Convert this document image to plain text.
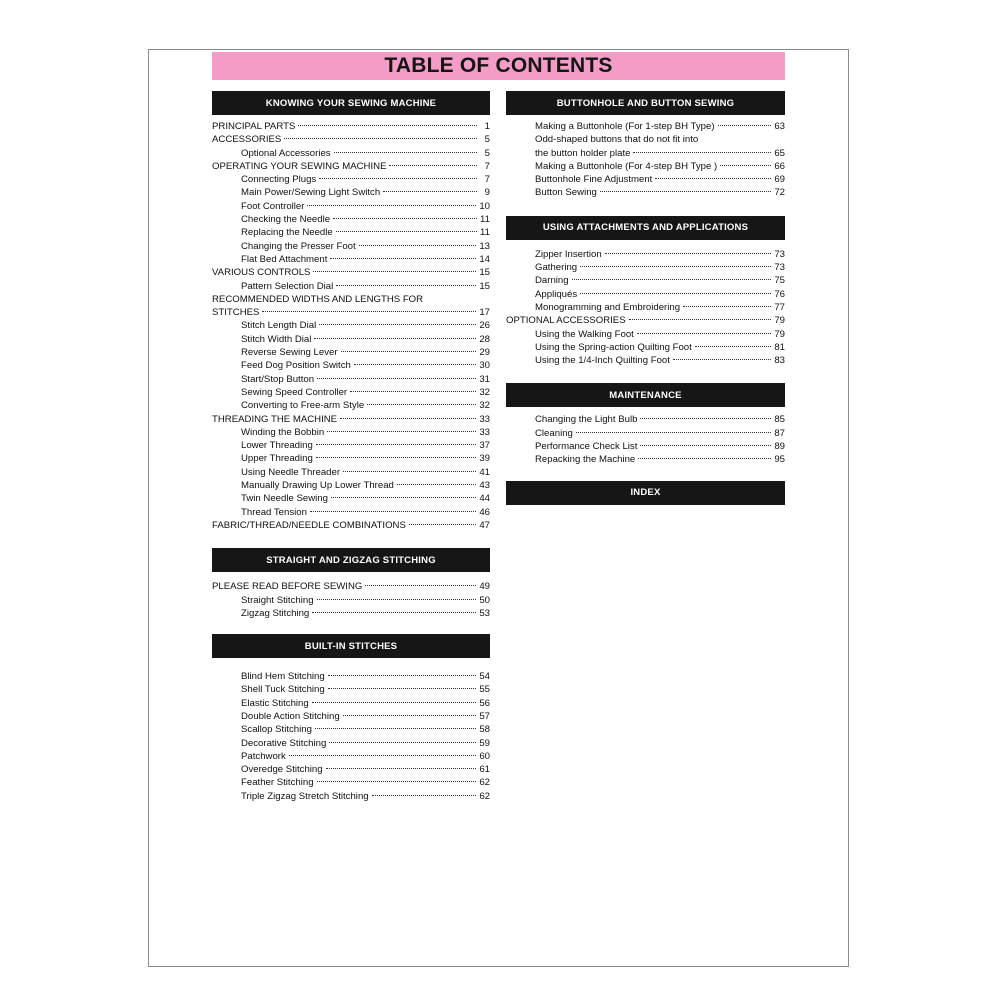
TABLE OF CONTENTS
KNOWING YOUR SEWING MACHINE
PRINCIPAL PARTS	1
ACCESSORIES	5
Optional Accessories	5
OPERATING YOUR SEWING MACHINE	7
Connecting Plugs	7
Main Power/Sewing Light Switch	9
Foot Controller	10
Checking the Needle	11
Replacing the Needle	11
Changing the Presser Foot	13
Flat Bed Attachment	14
VARIOUS CONTROLS	15
Pattern Selection Dial	15
RECOMMENDED WIDTHS AND LENGTHS FOR
STITCHES	17
Stitch Length Dial	26
Stitch Width Dial	28
Reverse Sewing Lever	29
Feed Dog Position Switch	30
Start/Stop Button	31
Sewing Speed Controller	32
Converting to Free-arm Style	32
THREADING THE MACHINE	33
Winding the Bobbin	33
Lower Threading	37
Upper Threading	39
Using Needle Threader	41
Manually Drawing Up Lower Thread	43
Twin Needle Sewing	44
Thread Tension	46
FABRIC/THREAD/NEEDLE COMBINATIONS	47
STRAIGHT AND ZIGZAG STITCHING
PLEASE READ BEFORE SEWING	49
Straight Stitching	50
Zigzag Stitching	53
BUILT-IN STITCHES
Blind Hem Stitching	54
Shell Tuck Stitching	55
Elastic Stitching	56
Double Action Stitching	57
Scallop Stitching	58
Decorative Stitching	59
Patchwork	60
Overedge Stitching	61
Feather Stitching	62
Triple Zigzag Stretch Stitching	62
BUTTONHOLE AND BUTTON SEWING
Making a Buttonhole (For 1-step BH Type)	63
Odd-shaped buttons that do not fit into
the button holder plate	65
Making a Buttonhole (For 4-step BH Type )	66
Buttonhole Fine Adjustment	69
Button Sewing	72
USING ATTACHMENTS AND APPLICATIONS
Zipper Insertion	73
Gathering	73
Darning	75
Appliqués	76
Monogramming and Embroidering	77
OPTIONAL ACCESSORIES	79
Using the Walking Foot	79
Using the Spring-action Quilting Foot	81
Using the 1/4-Inch Quilting Foot	83
MAINTENANCE
Changing the Light Bulb	85
Cleaning	87
Performance Check List	89
Repacking the Machine	95
INDEX
